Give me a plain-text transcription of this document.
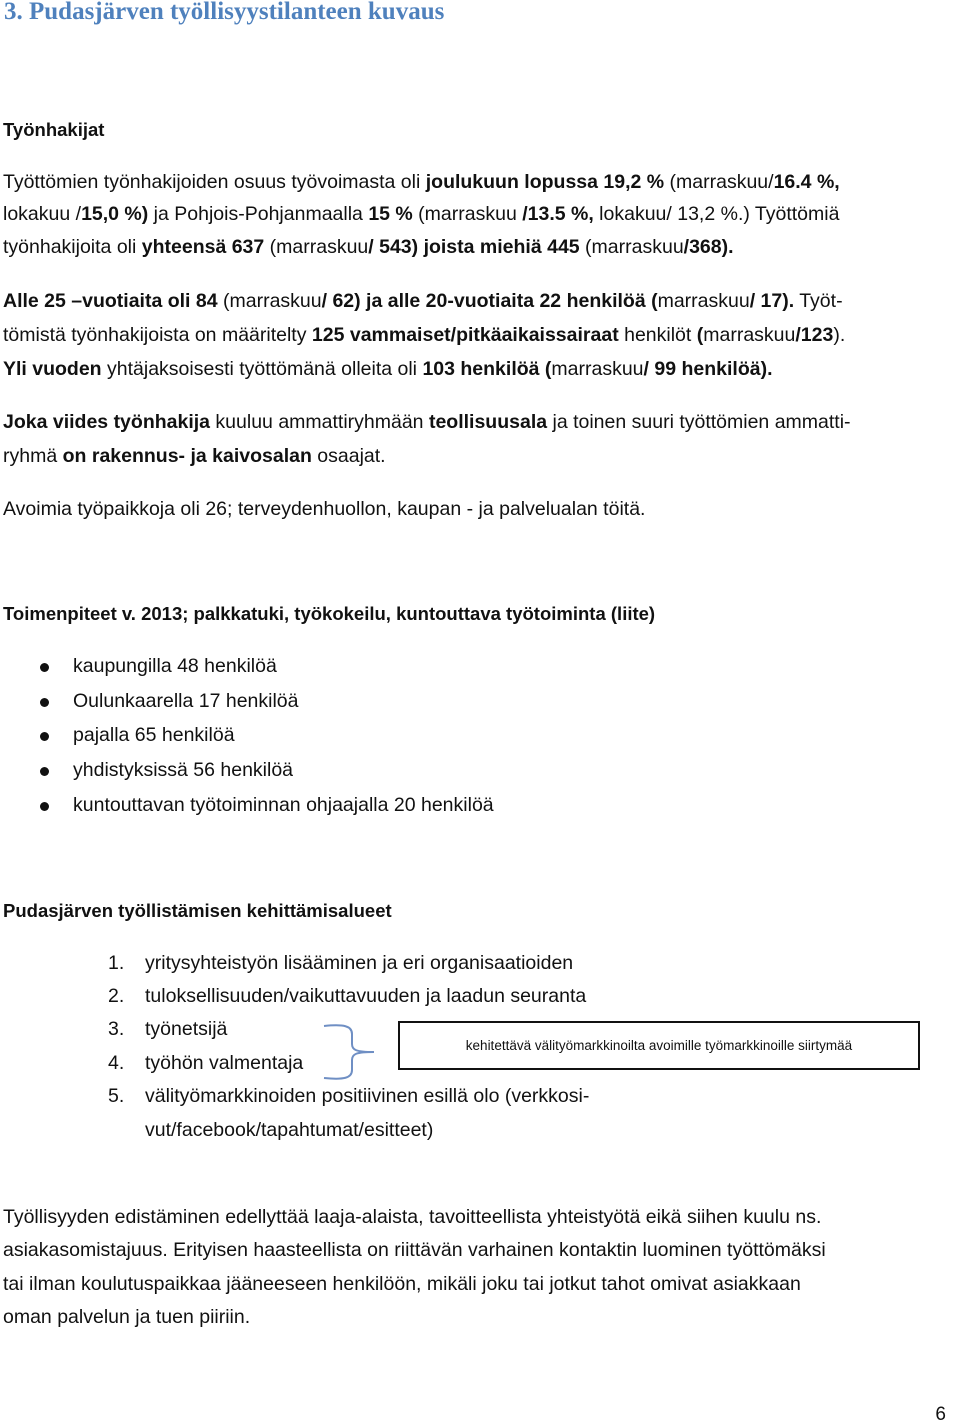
3. Pudasjärven työllisyystilanteen kuvaus
Työnhakijat
Työttömien työnhakijoiden osuus työvoimasta oli joulukuun lopussa 19,2 % (marraskuu/16.4 %,
lokakuu /15,0 %) ja Pohjois-Pohjanmaalla 15 % (marraskuu /13.5 %, lokakuu/ 13,2 %.) Työttömiä
työnhakijoita oli yhteensä 637 (marraskuu/ 543) joista miehiä 445 (marraskuu/368).
Alle 25 –vuotiaita oli 84 (marraskuu/ 62) ja alle 20-vuotiaita 22 henkilöä (marraskuu/ 17). Työt-
tömistä työnhakijoista on määritelty 125 vammaiset/pitkäaikaissairaat henkilöt (marraskuu/123).
Yli vuoden yhtäjaksoisesti työttömänä olleita oli 103 henkilöä (marraskuu/ 99 henkilöä).
Joka viides työnhakija kuuluu ammattiryhmään teollisuusala ja toinen suuri työttömien ammatti-
ryhmä on rakennus- ja kaivosalan osaajat.
Avoimia työpaikkoja oli 26; terveydenhuollon, kaupan - ja palvelualan töitä.
Toimenpiteet v. 2013; palkkatuki, työkokeilu, kuntouttava työtoiminta (liite)
kaupungilla 48 henkilöä
Oulunkaarella 17 henkilöä
pajalla 65 henkilöä
yhdistyksissä 56 henkilöä
kuntouttavan työtoiminnan ohjaajalla 20 henkilöä
Pudasjärven työllistämisen kehittämisalueet
1. yritysyhteistyön lisääminen ja eri organisaatioiden
2. tuloksellisuuden/vaikuttavuuden ja laadun seuranta
3. työnetsijä
4. työhön valmentaja
5. välityömarkkinoiden positiivinen esillä olo (verkkosi-
vut/facebook/tapahtumat/esitteet)
kehitettävä välityömarkkinoilta avoimille työmarkkinoille siirtymää
Työllisyyden edistäminen edellyttää laaja-alaista, tavoitteellista yhteistyötä eikä siihen kuulu ns.
asiakasomistajuus. Erityisen haasteellista on riittävän varhainen kontaktin luominen työttömäksi
tai ilman koulutuspaikkaa jääneeseen henkilöön, mikäli joku tai jotkut tahot omivat asiakkaan
oman palvelun ja tuen piiriin.
6
